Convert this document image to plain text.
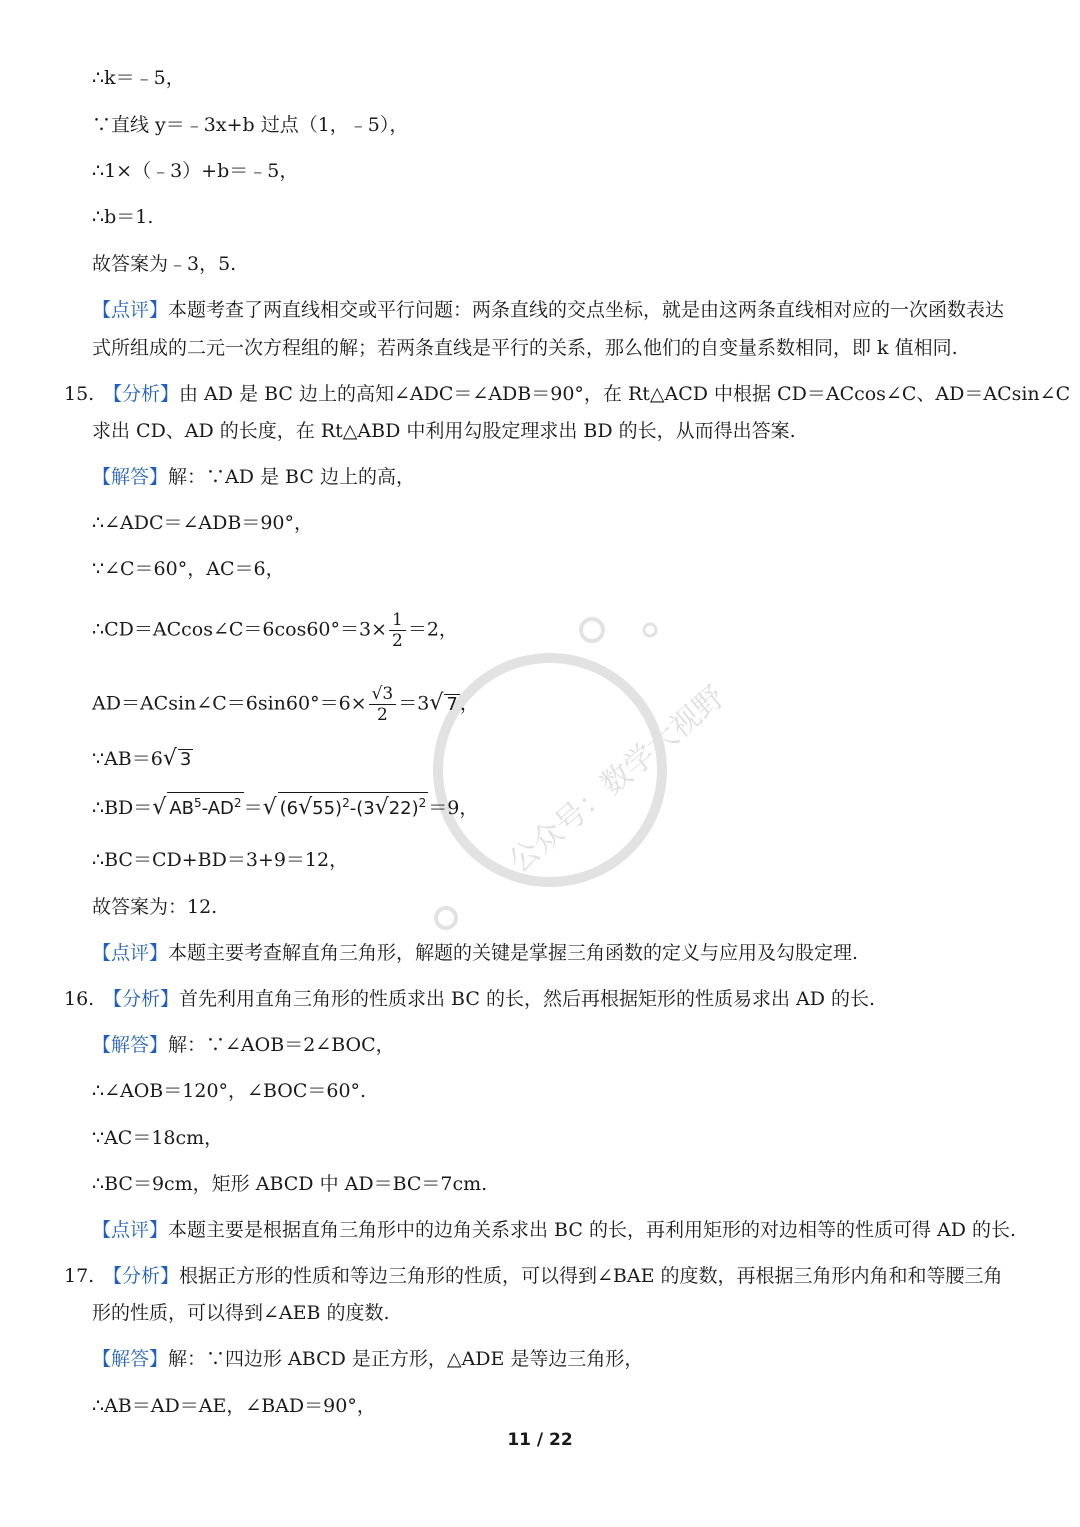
公众号：数学大视野
∴k＝﹣5，
∵直线 y＝﹣3x+b 过点（1，﹣5），
∴1×（﹣3）+b＝﹣5，
∴b＝1.
故答案为﹣3，5.
【点评】本题考查了两直线相交或平行问题：两条直线的交点坐标，就是由这两条直线相对应的一次函数表达
式所组成的二元一次方程组的解；若两条直线是平行的关系，那么他们的自变量系数相同，即 k 值相同.
15. 【分析】由 AD 是 BC 边上的高知∠ADC＝∠ADB＝90°，在 Rt△ACD 中根据 CD＝ACcos∠C、AD＝ACsin∠C
求出 CD、AD 的长度，在 Rt△ABD 中利用勾股定理求出 BD 的长，从而得出答案.
【解答】解：∵AD 是 BC 边上的高，
∴∠ADC＝∠ADB＝90°，
∵∠C＝60°，AC＝6，
∴CD＝ACcos∠C＝6cos60°＝3× $\frac{1}{2} =2$，
AD＝ACsin∠C＝6sin60°＝6× $\frac{√3}{2} =3√$ 7 ，
∵AB＝6√ 3
∴BD＝√ $AB^5-AD^2$ ＝√ $(6√55)^2-(3√22)^2 =9$，
∴BC＝CD+BD＝3+9＝12，
故答案为：12.
【点评】本题主要考查解直角三角形，解题的关键是掌握三角函数的定义与应用及勾股定理.
16. 【分析】首先利用直角三角形的性质求出 BC 的长，然后再根据矩形的性质易求出 AD 的长.
【解答】解：∵∠AOB＝2∠BOC，
∴∠AOB＝120°，∠BOC＝60°.
∵AC＝18cm，
∴BC＝9cm，矩形 ABCD 中 AD＝BC＝7cm.
【点评】本题主要是根据直角三角形中的边角关系求出 BC 的长，再利用矩形的对边相等的性质可得 AD 的长.
17. 【分析】根据正方形的性质和等边三角形的性质，可以得到∠BAE 的度数，再根据三角形内角和和等腰三角
形的性质，可以得到∠AEB 的度数.
【解答】解：∵四边形 ABCD 是正方形，△ADE 是等边三角形，
∴AB＝AD＝AE，∠BAD＝90°，
11 / 22
